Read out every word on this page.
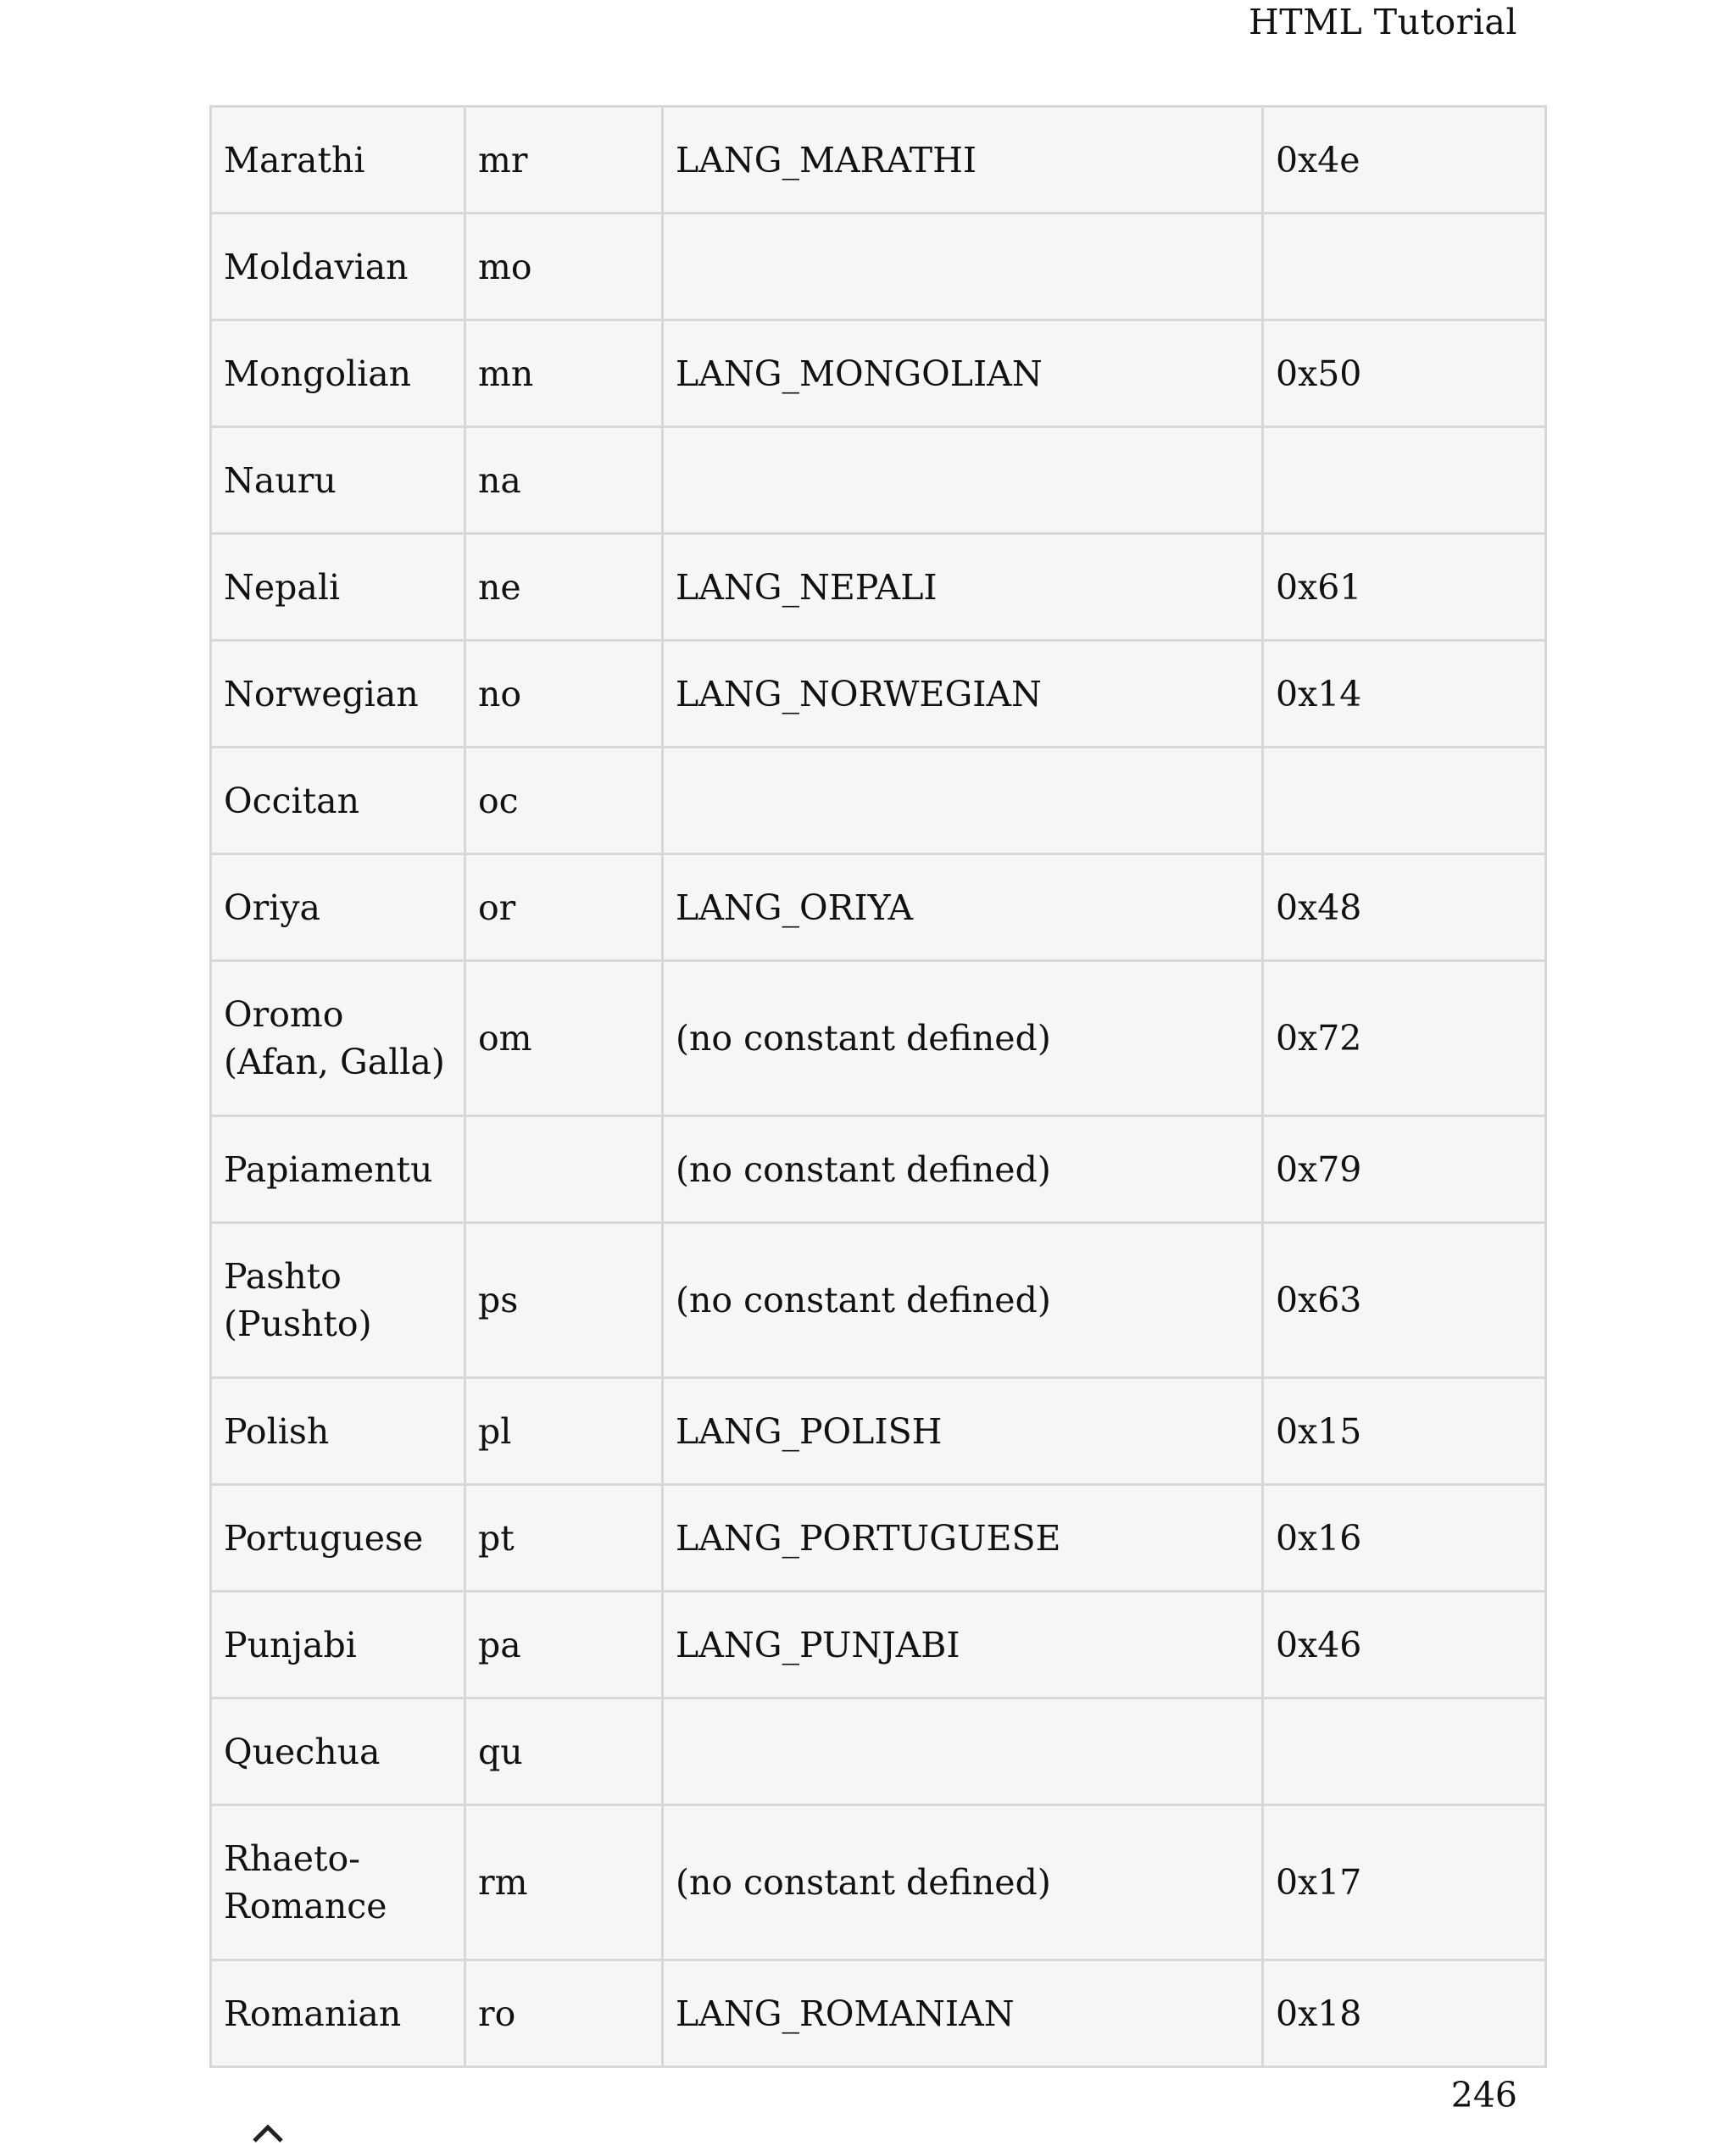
HTML Tutorial
Marathi	mr	LANG_MARATHI	0x4e
Moldavian	mo		
Mongolian	mn	LANG_MONGOLIAN	0x50
Nauru	na		
Nepali	ne	LANG_NEPALI	0x61
Norwegian	no	LANG_NORWEGIAN	0x14
Occitan	oc		
Oriya	or	LANG_ORIYA	0x48
Oromo (Afan, Galla)	om	(no constant defined)	0x72
Papiamentu		(no constant defined)	0x79
Pashto (Pushto)	ps	(no constant defined)	0x63
Polish	pl	LANG_POLISH	0x15
Portuguese	pt	LANG_PORTUGUESE	0x16
Punjabi	pa	LANG_PUNJABI	0x46
Quechua	qu		
Rhaeto-Romance	rm	(no constant defined)	0x17
Romanian	ro	LANG_ROMANIAN	0x18
246
